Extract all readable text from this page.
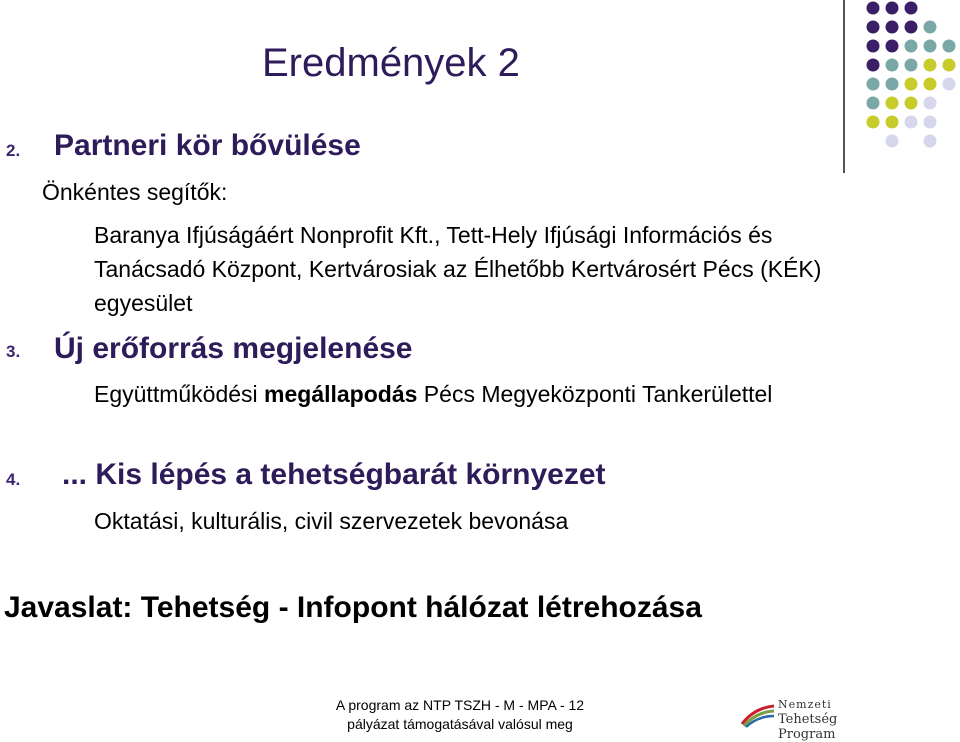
Eredmények 2
2. Partneri kör bővülése
Önkéntes segítők:
Baranya Ifjúságáért Nonprofit Kft., Tett-Hely Ifjúsági Információs és Tanácsadó Központ, Kertvárosiak az Élhetőbb Kertvárosért Pécs (KÉK) egyesület
3. Új erőforrás megjelenése
Együttműködési megállapodás Pécs Megyeközponti Tankerülettel
4. ... Kis lépés a tehetségbarát környezet
Oktatási, kulturális, civil szervezetek bevonása
Javaslat: Tehetség - Infopont hálózat létrehozása
A program az NTP TSZH - M - MPA - 12
pályázat támogatásával valósul meg
Nemzeti
Tehetség Program
